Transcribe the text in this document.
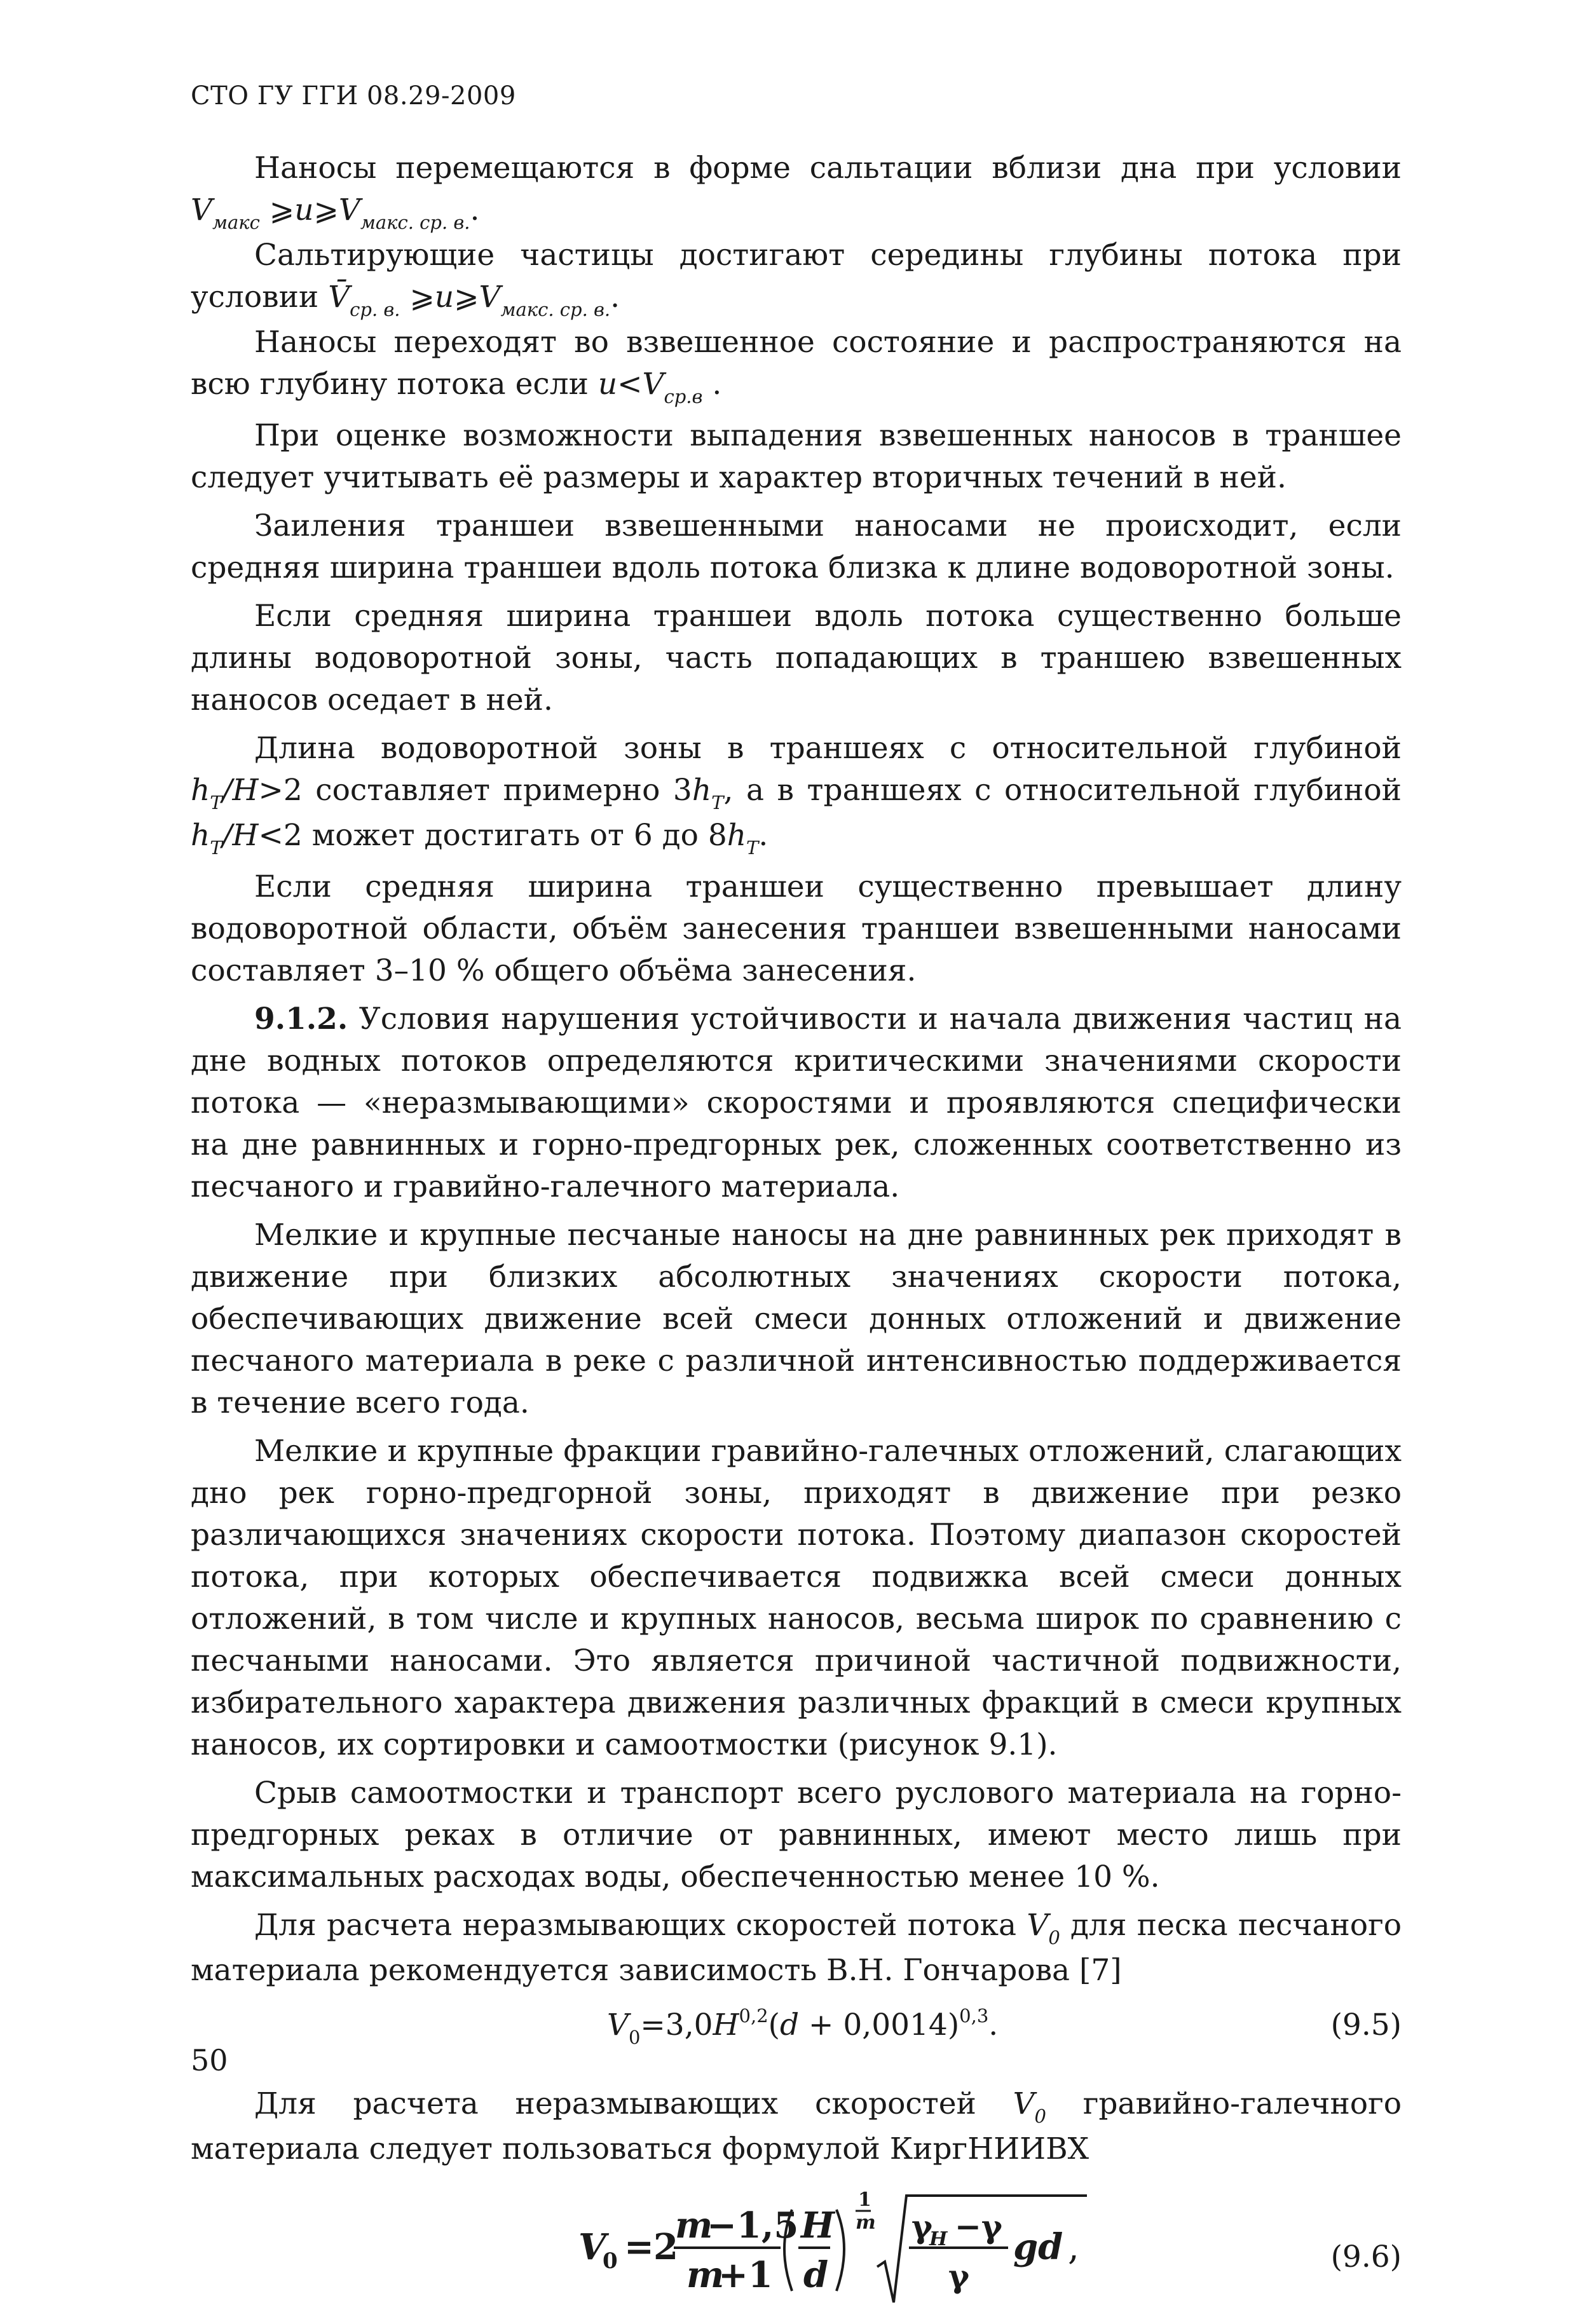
СТО ГУ ГГИ 08.29-2009

Наносы перемещаются в форме сальтации вблизи дна при условии $V_{макс}$ $⩾u⩾V_{макс. ср. в.}$.

Сальтирующие частицы достигают середины глубины потока при условии $V̄_{ср. в.}$ $⩾u⩾V_{макс. ср. в.}$.

Наносы переходят во взвешенное состояние и распространяются на всю глубину потока если $u<V_{ср.в}$ .

При оценке возможности выпадения взвешенных наносов в траншее следует учитывать её размеры и характер вторичных течений в ней.

Заиления траншеи взвешенными наносами не происходит, если средняя ширина траншеи вдоль потока близка к длине водоворотной зоны.

Если средняя ширина траншеи вдоль потока существенно больше длины водоворотной зоны, часть попадающих в траншею взвешенных наносов оседает в ней.

Длина водоворотной зоны в траншеях с относительной глубиной $h_T/H>2$ составляет примерно $3h_T$, а в траншеях с относительной глубиной $h_T/H<2$ может достигать от 6 до $8h_T$.

Если средняя ширина траншеи существенно превышает длину водоворотной области, объём занесения траншеи взвешенными наносами составляет 3–10 % общего объёма занесения.

9.1.2. Условия нарушения устойчивости и начала движения частиц на дне водных потоков определяются критическими значениями скорости потока — «неразмывающими» скоростями и проявляются специфически на дне равнинных и горно-предгорных рек, сложенных соответственно из песчаного и гравийно-галечного материала.

Мелкие и крупные песчаные наносы на дне равнинных рек приходят в движение при близких абсолютных значениях скорости потока, обеспечивающих движение всей смеси донных отложений и движение песчаного материала в реке с различной интенсивностью поддерживается в течение всего года.

Мелкие и крупные фракции гравийно-галечных отложений, слагающих дно рек горно-предгорной зоны, приходят в движение при резко различающихся значениях скорости потока. Поэтому диапазон скоростей потока, при которых обеспечивается подвижка всей смеси донных отложений, в том числе и крупных наносов, весьма широк по сравнению с песчаными наносами. Это является причиной частичной подвижности, избирательного характера движения различных фракций в смеси крупных наносов, их сортировки и самоотмостки (рисунок 9.1).

Срыв самоотмостки и транспорт всего руслового материала на горно-предгорных реках в отличие от равнинных, имеют место лишь при максимальных расходах воды, обеспеченностью менее 10 %.

Для расчета неразмывающих скоростей потока $V_0$ для песка песчаного материала рекомендуется зависимость В.Н. Гончарова [7]

$V_0=3,0H^{0,2}(d + 0,0014)^{0,3}$.	(9.5)

Для расчета неразмывающих скоростей $V_0$ гравийно-галечного материала следует пользоваться формулой КиргНИИВХ

V
0 = 2
m
−1,5
m
+1
H
d
1
m γ
Н −γ
γ
gd ,	(9.6)
50
